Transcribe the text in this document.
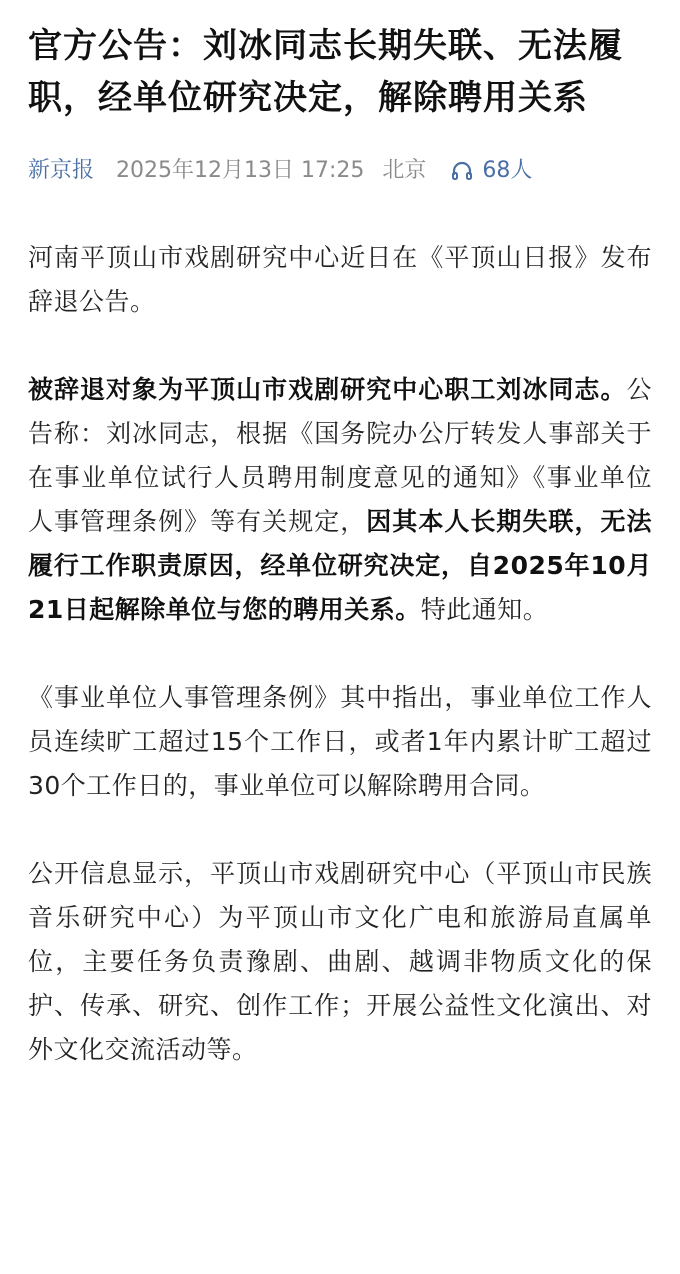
官方公告：刘冰同志长期失联、无法履职，经单位研究决定，解除聘用关系
新京报 2025年12月13日 17:25 北京	68人

河南平顶山市戏剧研究中心近日在《平顶山日报》发布辞退公告。

被辞退对象为平顶山市戏剧研究中心职工刘冰同志。公告称：刘冰同志，根据《国务院办公厅转发人事部关于在事业单位试行人员聘用制度意见的通知》《事业单位人事管理条例》等有关规定，因其本人长期失联，无法履行工作职责原因，经单位研究决定，自2025年10月21日起解除单位与您的聘用关系。特此通知。

《事业单位人事管理条例》其中指出，事业单位工作人员连续旷工超过15个工作日，或者1年内累计旷工超过30个工作日的，事业单位可以解除聘用合同。

公开信息显示，平顶山市戏剧研究中心（平顶山市民族音乐研究中心）为平顶山市文化广电和旅游局直属单位，主要任务负责豫剧、曲剧、越调非物质文化的保护、传承、研究、创作工作；开展公益性文化演出、对外文化交流活动等。
